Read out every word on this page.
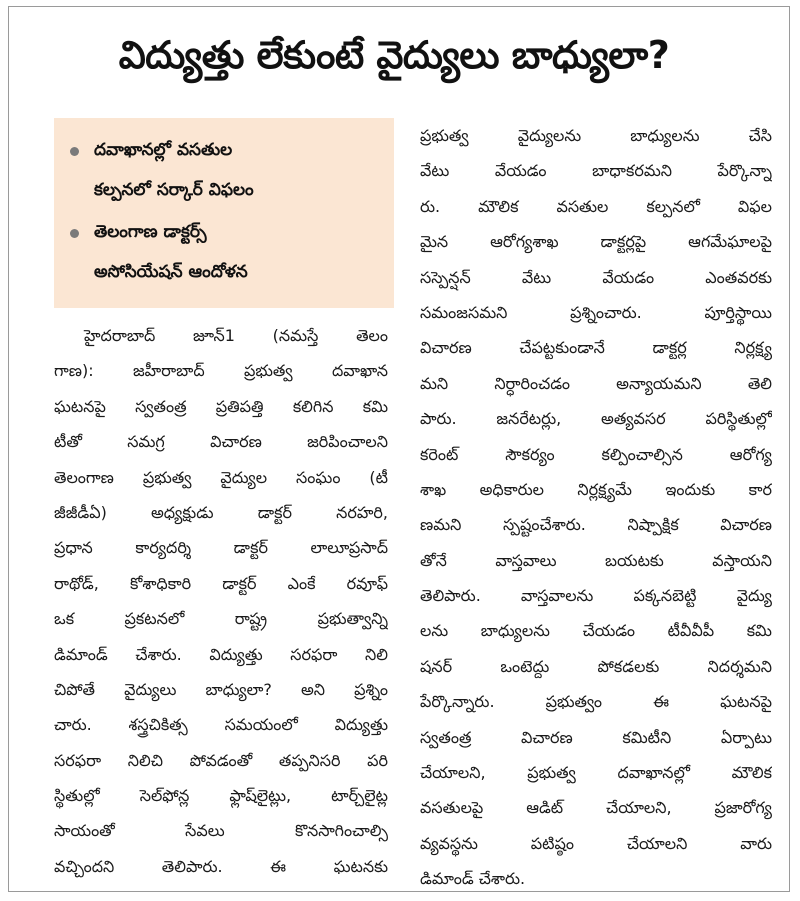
విద్యుత్తు లేకుంటే వైద్యులు బాధ్యులా?
దవాఖానల్లో వసతుల
కల్పనలో సర్కార్ విఫలం
తెలంగాణ డాక్టర్స్
అసోసియేషన్ ఆందోళన

హైదరాబాద్ జూన్1 (నమస్తే తెలం

గాణ): జహీరాబాద్ ప్రభుత్వ దవాఖాన

ఘటనపై స్వతంత్ర ప్రతిపత్తి కలిగిన కమి

టీతో సమగ్ర విచారణ జరిపించాలని

తెలంగాణ ప్రభుత్వ వైద్యుల సంఘం (టీ

జీజీడీఏ) అధ్యక్షుడు డాక్టర్ నరహరి,

ప్రధాన కార్యదర్శి డాక్టర్ లాలూప్రసాద్

రాథోడ్, కోశాధికారి డాక్టర్ ఎంకే రవూఫ్

ఒక ప్రకటనలో రాష్ట్ర ప్రభుత్వాన్ని

డిమాండ్ చేశారు. విద్యుత్తు సరఫరా నిలి

చిపోతే వైద్యులు బాధ్యులా? అని ప్రశ్నిం

చారు. శస్త్రచికిత్స సమయంలో విద్యుత్తు

సరఫరా నిలిచి పోవడంతో తప్పనిసరి పరి

స్థితుల్లో సెల్‌ఫోన్ల ఫ్లాష్‌లైట్లు, టార్చ్‌లైట్ల

సాయంతో సేవలు కొనసాగించాల్సి

వచ్చిందని తెలిపారు. ఈ ఘటనకు

ప్రభుత్వ వైద్యులను బాధ్యులను చేసి

వేటు వేయడం బాధాకరమని పేర్కొన్నా

రు. మౌలిక వసతుల కల్పనలో విఫల

మైన ఆరోగ్యశాఖ డాక్టర్లపై ఆగమేఘాలపై

సస్పెన్షన్ వేటు వేయడం ఎంతవరకు

సమంజసమని ప్రశ్నించారు. పూర్తిస్థాయి

విచారణ చేపట్టకుండానే డాక్టర్ల నిర్లక్ష్య

మని నిర్ధారించడం అన్యాయమని తెలి

పారు. జనరేటర్లు, అత్యవసర పరిస్థితుల్లో

కరెంట్ సౌకర్యం కల్పించాల్సిన ఆరోగ్య

శాఖ అధికారుల నిర్లక్ష్యమే ఇందుకు కార

ణమని స్పష్టంచేశారు. నిష్పాక్షిక విచారణ

తోనే వాస్తవాలు బయటకు వస్తాయని

తెలిపారు. వాస్తవాలను పక్కనబెట్టి వైద్యు

లను బాధ్యులను చేయడం టీవీవీపీ కమి

షనర్ ఒంటెద్దు పోకడలకు నిదర్శమని

పేర్కొన్నారు. ప్రభుత్వం ఈ ఘటనపై

స్వతంత్ర విచారణ కమిటీని ఏర్పాటు

చేయాలని, ప్రభుత్వ దవాఖానల్లో మౌలిక

వసతులపై ఆడిట్ చేయాలని, ప్రజారోగ్య

వ్యవస్థను పటిష్ఠం చేయాలని వారు

డిమాండ్ చేశారు.
